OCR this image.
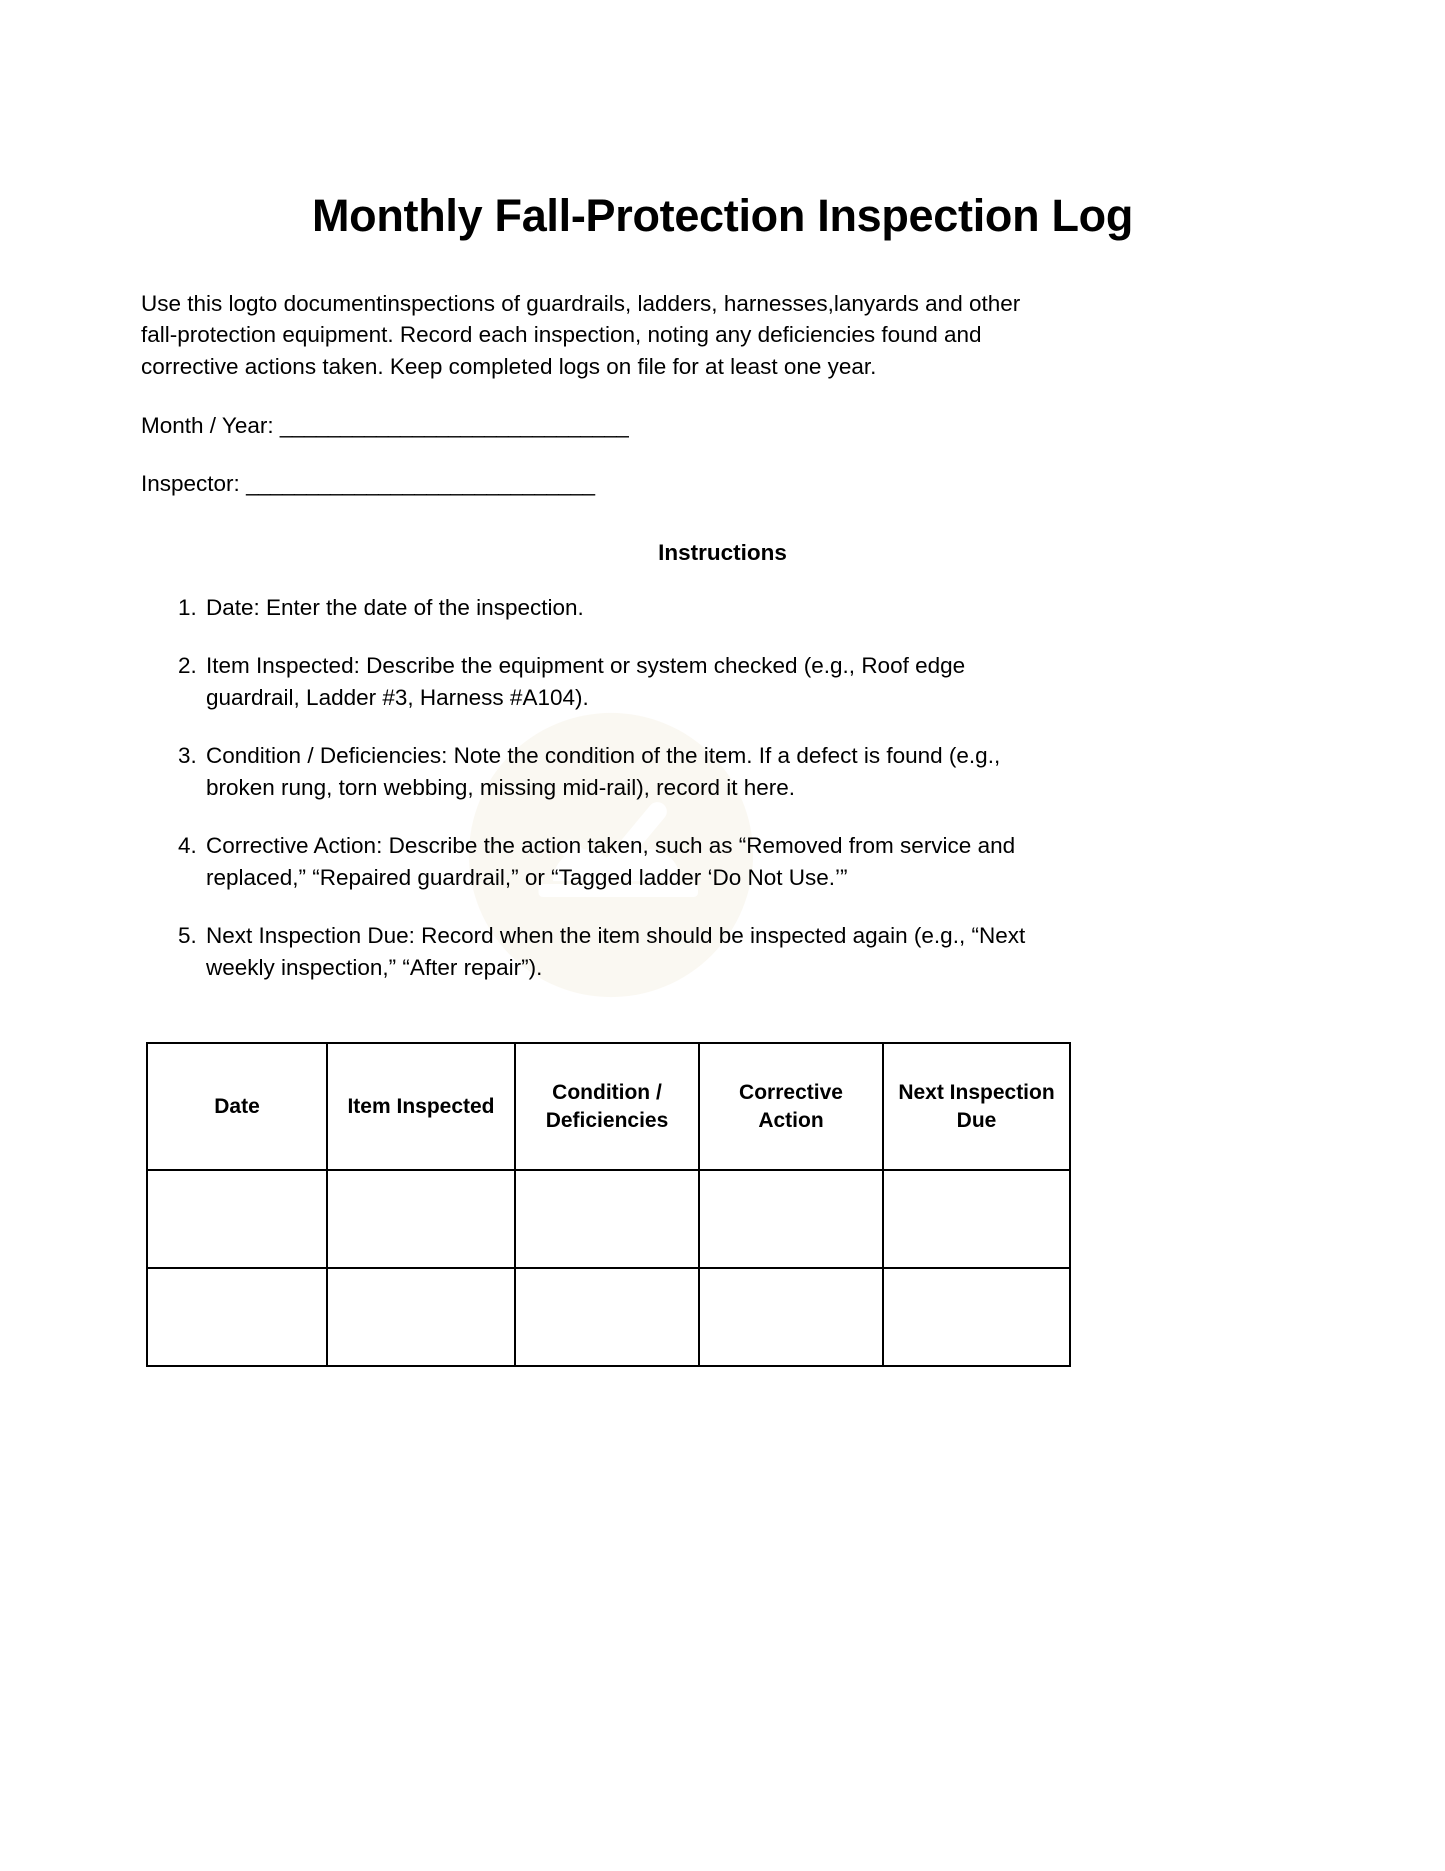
Monthly Fall-Protection Inspection Log

Use this logto documentinspections of guardrails, ladders, harnesses,lanyards and other fall-protection equipment. Record each inspection, noting any deficiencies found and corrective actions taken. Keep completed logs on file for at least one year.

Month / Year: _____________________________
Inspector: _____________________________
Instructions
1. Date: Enter the date of the inspection.
2. Item Inspected: Describe the equipment or system checked (e.g., Roof edge guardrail, Ladder #3, Harness #A104).
3. Condition / Deficiencies: Note the condition of the item. If a defect is found (e.g., broken rung, torn webbing, missing mid-rail), record it here.
4. Corrective Action: Describe the action taken, such as “Removed from service and replaced,” “Repaired guardrail,” or “Tagged ladder ‘Do Not Use.’”
5. Next Inspection Due: Record when the item should be inspected again (e.g., “Next weekly inspection,” “After repair”).
Date	Item Inspected	Condition / Deficiencies	Corrective Action	Next Inspection Due
